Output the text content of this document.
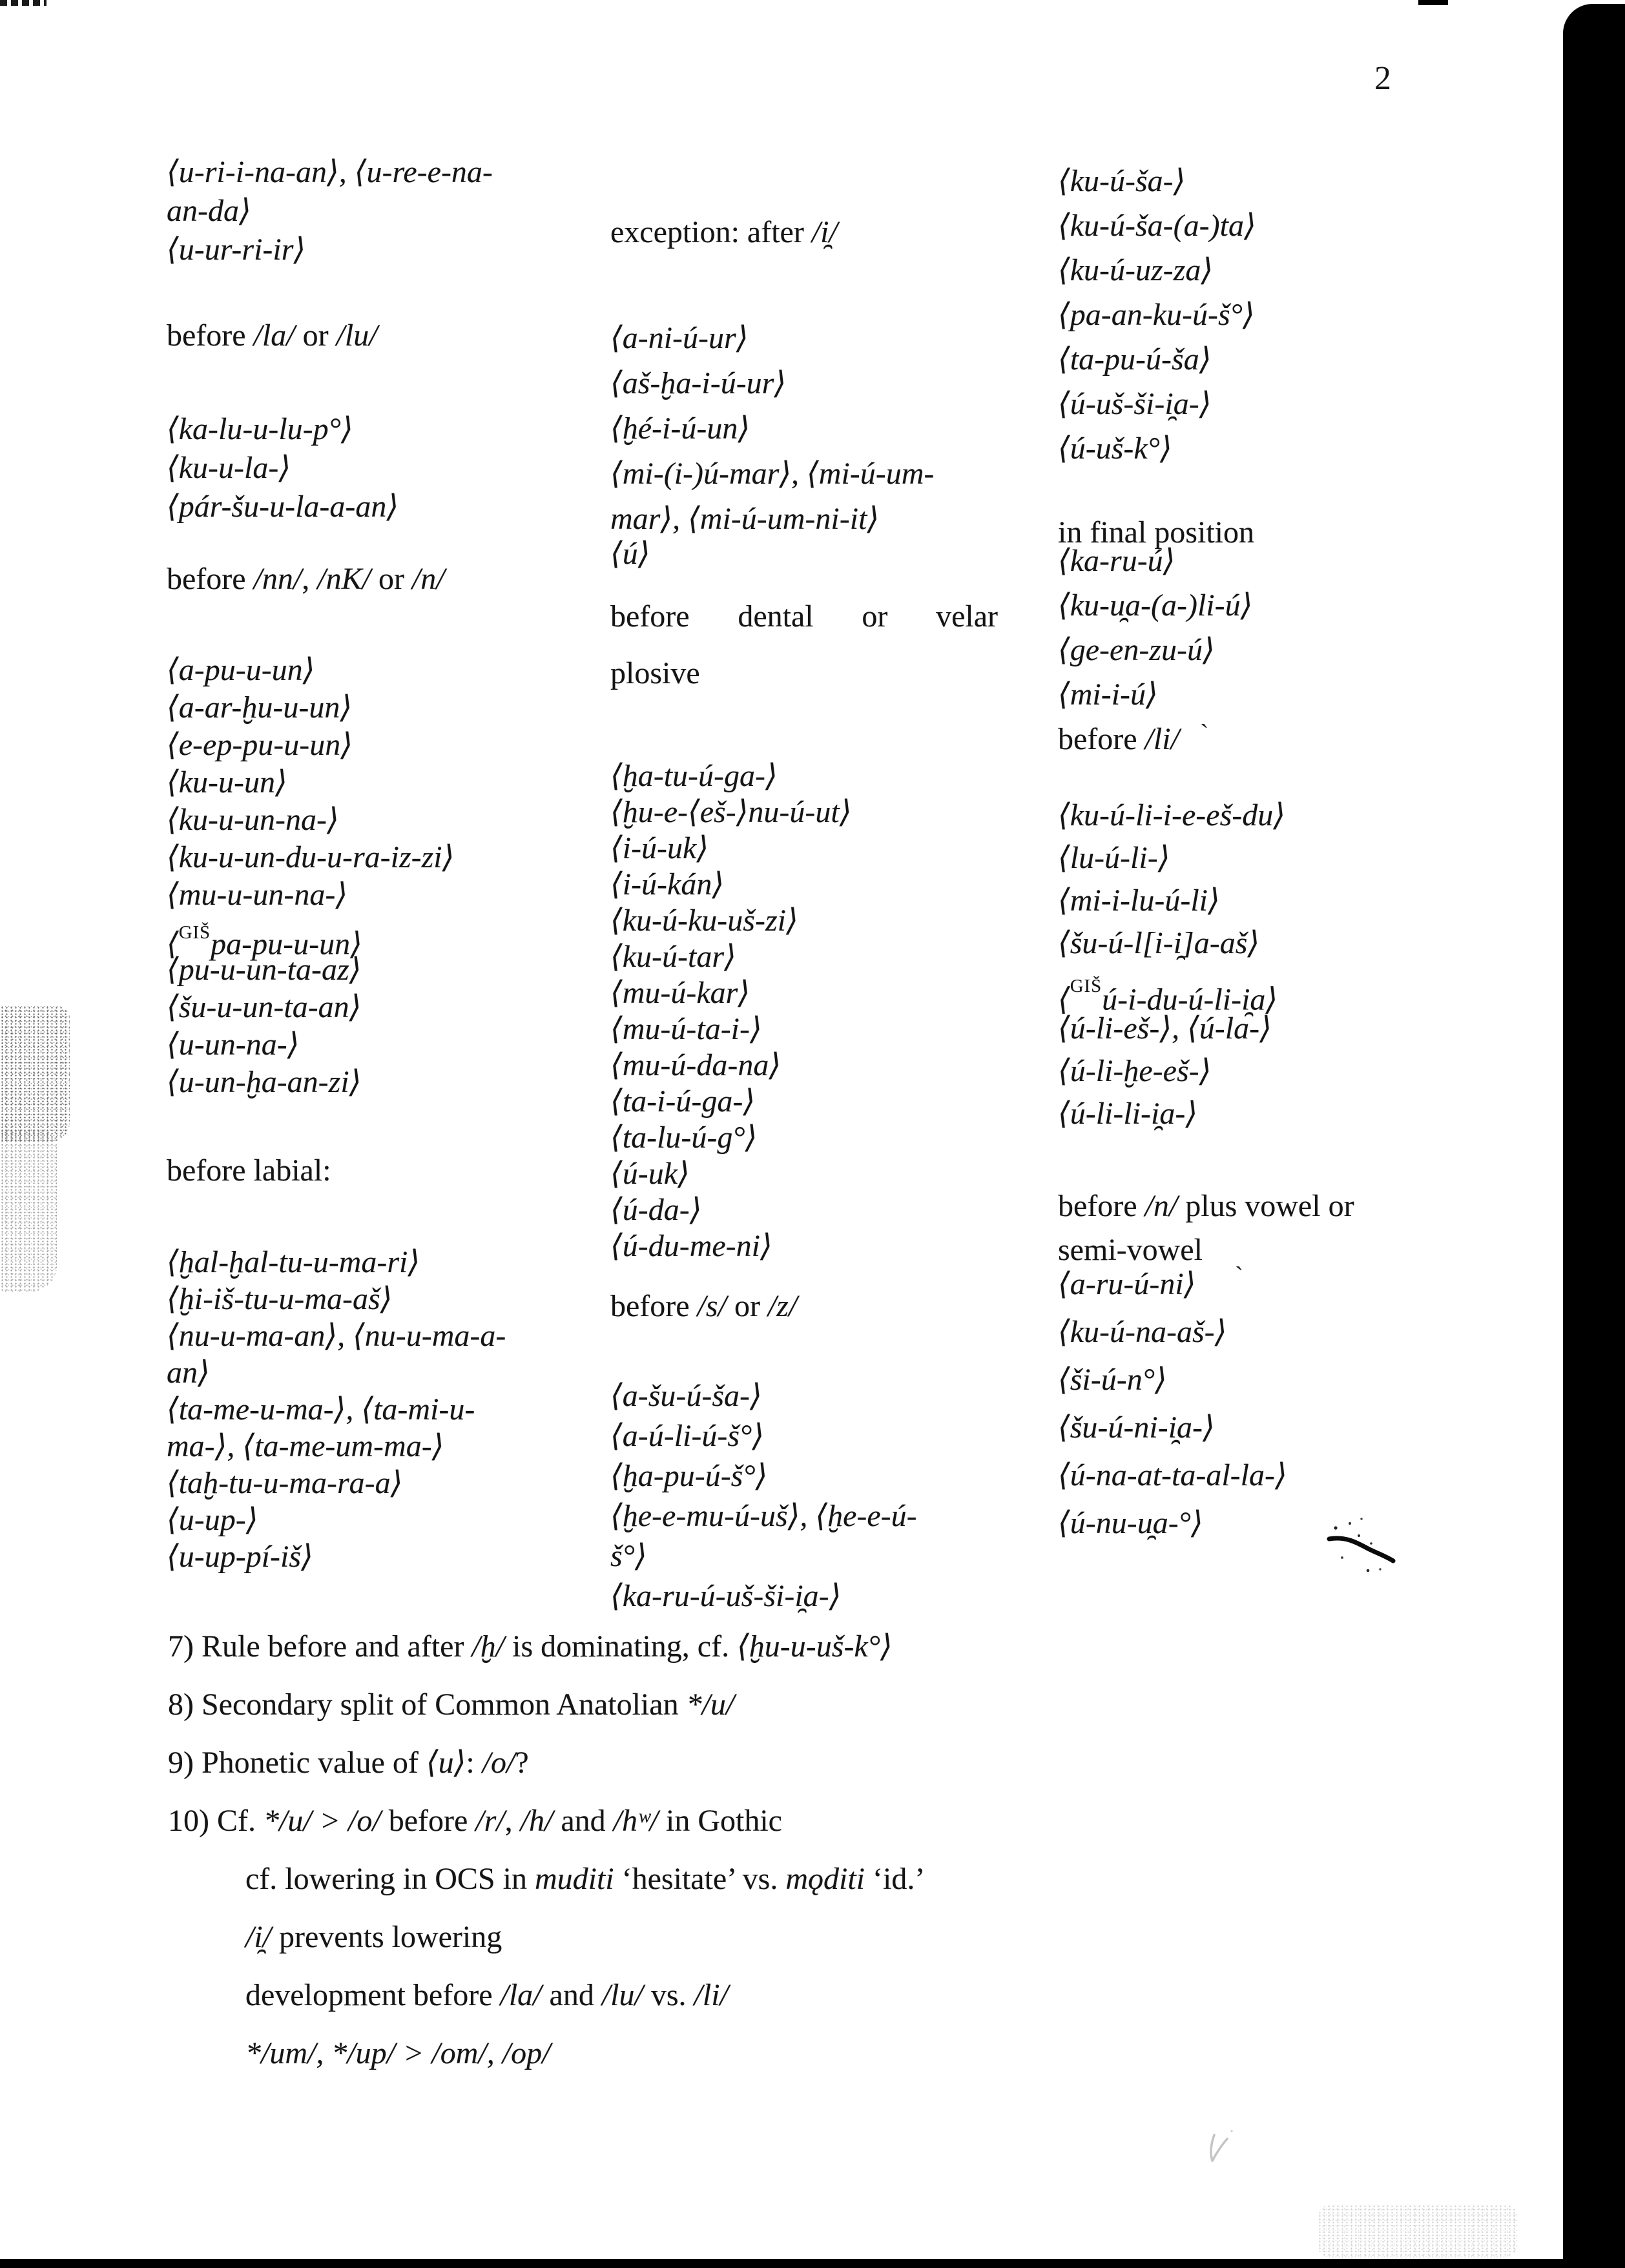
2
⟨u-ri-i-na-an⟩, ⟨u-re-e-na-
an-da⟩
⟨u-ur-ri-ir⟩
before /la/ or /lu/
⟨ka-lu-u-lu-p°⟩
⟨ku-u-la-⟩
⟨pár-šu-u-la-a-an⟩
before /nn/, /nK/ or /n/
⟨a-pu-u-un⟩
⟨a-ar-ḫu-u-un⟩
⟨e-ep-pu-u-un⟩
⟨ku-u-un⟩
⟨ku-u-un-na-⟩
⟨ku-u-un-du-u-ra-iz-zi⟩
⟨mu-u-un-na-⟩
⟨$^{GIŠ}$pa-pu-u-un⟩
⟨pu-u-un-ta-az⟩
⟨šu-u-un-ta-an⟩
⟨u-un-na-⟩
⟨u-un-ḫa-an-zi⟩
before labial:
⟨ḫal-ḫal-tu-u-ma-ri⟩
⟨ḫi-iš-tu-u-ma-aš⟩
⟨nu-u-ma-an⟩, ⟨nu-u-ma-a-
an⟩
⟨ta-me-u-ma-⟩, ⟨ta-mi-u-
ma-⟩, ⟨ta-me-um-ma-⟩
⟨taḫ-tu-u-ma-ra-a⟩
⟨u-up-⟩
⟨u-up-pí-iš⟩
exception: after /i̯/
⟨a-ni-ú-ur⟩
⟨aš-ḫa-i-ú-ur⟩
⟨ḫé-i-ú-un⟩
⟨mi-(i-)ú-mar⟩, ⟨mi-ú-um-
mar⟩, ⟨mi-ú-um-ni-it⟩
⟨ú⟩
before dental or velar
plosive
⟨ḫa-tu-ú-ga-⟩
⟨ḫu-e-⟨eš-⟩nu-ú-ut⟩
⟨i-ú-uk⟩
⟨i-ú-kán⟩
⟨ku-ú-ku-uš-zi⟩
⟨ku-ú-tar⟩
⟨mu-ú-kar⟩
⟨mu-ú-ta-i-⟩
⟨mu-ú-da-na⟩
⟨ta-i-ú-ga-⟩
⟨ta-lu-ú-g°⟩
⟨ú-uk⟩
⟨ú-da-⟩
⟨ú-du-me-ni⟩
before /s/ or /z/
⟨a-šu-ú-ša-⟩
⟨a-ú-li-ú-š°⟩
⟨ḫa-pu-ú-š°⟩
⟨ḫe-e-mu-ú-uš⟩, ⟨ḫe-e-ú-
š°⟩
⟨ka-ru-ú-uš-ši-i̯a-⟩
⟨ku-ú-ša-⟩
⟨ku-ú-ša-(a-)ta⟩
⟨ku-ú-uz-za⟩
⟨pa-an-ku-ú-š°⟩
⟨ta-pu-ú-ša⟩
⟨ú-uš-ši-i̯a-⟩
⟨ú-uš-k°⟩
in final position
⟨ka-ru-ú⟩
⟨ku-u̯a-(a-)li-ú⟩
⟨ge-en-zu-ú⟩
⟨mi-i-ú⟩
before /li/
⟨ku-ú-li-i-e-eš-du⟩
⟨lu-ú-li-⟩
⟨mi-i-lu-ú-li⟩
⟨šu-ú-l[i-i̯]a-aš⟩
⟨$^{GIŠ}$ú-i-du-ú-li-i̯a⟩
⟨ú-li-eš-⟩, ⟨ú-la-⟩
⟨ú-li-ḫe-eš-⟩
⟨ú-li-li-i̯a-⟩
before /n/ plus vowel or
semi-vowel
⟨a-ru-ú-ni⟩
⟨ku-ú-na-aš-⟩
⟨ši-ú-n°⟩
⟨šu-ú-ni-i̯a-⟩
⟨ú-na-at-ta-al-la-⟩
⟨ú-nu-u̯a-°⟩
7) Rule before and after /ḫ/ is dominating, cf. ⟨ḫu-u-uš-k°⟩
8) Secondary split of Common Anatolian */u/
9) Phonetic value of ⟨u⟩: /o/?
10) Cf. */u/ > /o/ before /r/, /h/ and /hʷ/ in Gothic
cf. lowering in OCS in muditi ‘hesitate’ vs. mǫditi ‘id.’
/i̯/ prevents lowering
development before /la/ and /lu/ vs. /li/
*/um/, */up/ > /om/, /op/
ˋ
ˋ
